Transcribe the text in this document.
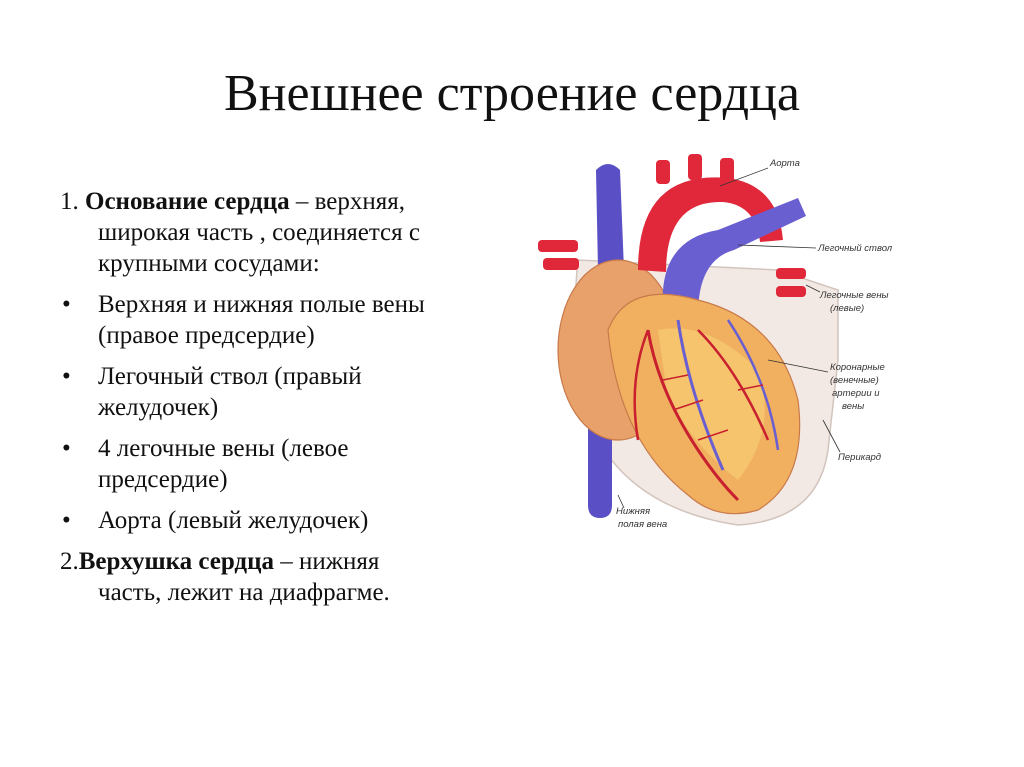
Внешнее строение сердца
1. Основание сердца – верхняя,
широкая часть , соединяется с
крупными сосудами:
• Верхняя и нижняя полые вены
(правое предсердие)
• Легочный ствол (правый
желудочек)
• 4 легочные вены (левое
предсердие)
• Аорта (левый желудочек)
2.Верхушка сердца – нижняя
часть, лежит на диафрагме.
Аорта
Легочный ствол
Легочные вены
(левые)
Коронарные
(венечные)
артерии и
вены
Перикард
Нижняя
полая вена
